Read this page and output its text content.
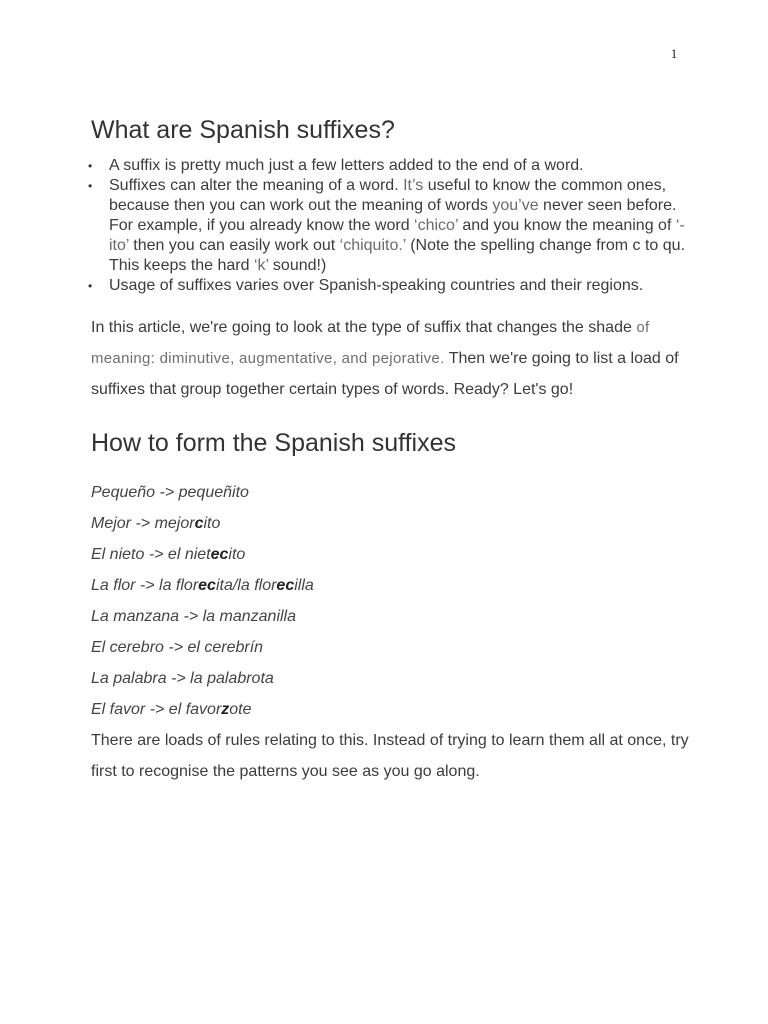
1
What are Spanish suffixes?
• A suffix is pretty much just a few letters added to the end of a word.
• Suffixes can alter the meaning of a word. It’s useful to know the common ones, because then you can work out the meaning of words you’ve never seen before. For example, if you already know the word ‘chico’ and you know the meaning of ‘-ito’ then you can easily work out ‘chiquito.’ (Note the spelling change from c to qu. This keeps the hard ‘k’ sound!)
• Usage of suffixes varies over Spanish-speaking countries and their regions.

In this article, we're going to look at the type of suffix that changes the shade of meaning: diminutive, augmentative, and pejorative. Then we're going to list a load of suffixes that group together certain types of words. Ready? Let's go!

How to form the Spanish suffixes
Pequeño -> pequeñito
Mejor -> mejorcito
El nieto -> el nietecito
La flor -> la florecita/la florecilla
La manzana -> la manzanilla
El cerebro -> el cerebrín
La palabra -> la palabrota
El favor -> el favorzote

There are loads of rules relating to this. Instead of trying to learn them all at once, try first to recognise the patterns you see as you go along.
